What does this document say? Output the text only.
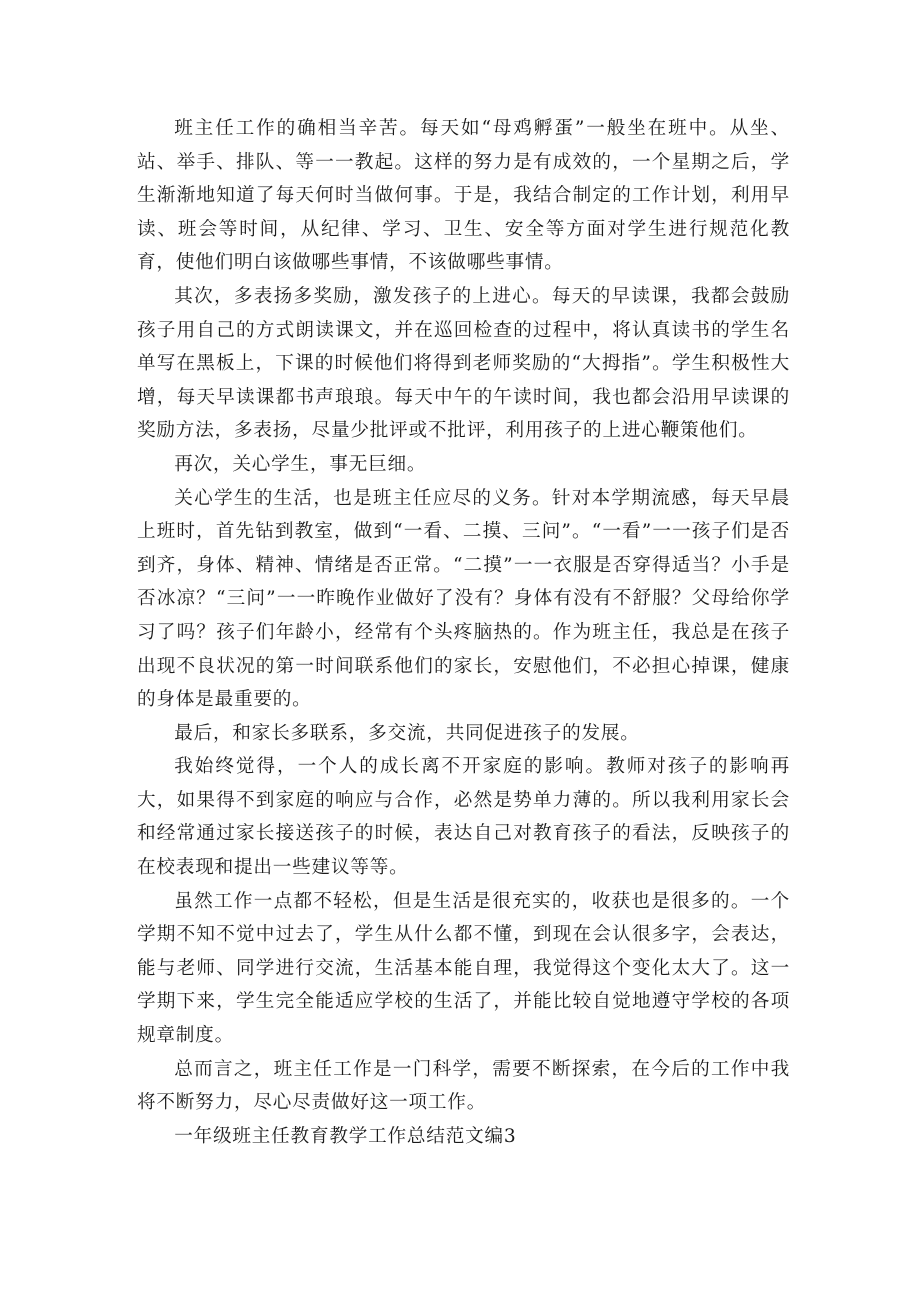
班主任工作的确相当辛苦。每天如“母鸡孵蛋”一般坐在班中。从坐、站、举手、排队、等一一教起。这样的努力是有成效的，一个星期之后，学生渐渐地知道了每天何时当做何事。于是，我结合制定的工作计划，利用早读、班会等时间，从纪律、学习、卫生、安全等方面对学生进行规范化教育，使他们明白该做哪些事情，不该做哪些事情。

其次，多表扬多奖励，激发孩子的上进心。每天的早读课，我都会鼓励孩子用自己的方式朗读课文，并在巡回检查的过程中，将认真读书的学生名单写在黑板上，下课的时候他们将得到老师奖励的“大拇指”。学生积极性大增，每天早读课都书声琅琅。每天中午的午读时间，我也都会沿用早读课的奖励方法，多表扬，尽量少批评或不批评，利用孩子的上进心鞭策他们。

再次，关心学生，事无巨细。

关心学生的生活，也是班主任应尽的义务。针对本学期流感，每天早晨上班时，首先钻到教室，做到“一看、二摸、三问”。“一看”一一孩子们是否到齐，身体、精神、情绪是否正常。“二摸”一一衣服是否穿得适当？小手是否冰凉？“三问”一一昨晚作业做好了没有？身体有没有不舒服？父母给你学习了吗？孩子们年龄小，经常有个头疼脑热的。作为班主任，我总是在孩子出现不良状况的第一时间联系他们的家长，安慰他们，不必担心掉课，健康的身体是最重要的。

最后，和家长多联系，多交流，共同促进孩子的发展。

我始终觉得，一个人的成长离不开家庭的影响。教师对孩子的影响再大，如果得不到家庭的响应与合作，必然是势单力薄的。所以我利用家长会和经常通过家长接送孩子的时候，表达自己对教育孩子的看法，反映孩子的在校表现和提出一些建议等等。

虽然工作一点都不轻松，但是生活是很充实的，收获也是很多的。一个学期不知不觉中过去了，学生从什么都不懂，到现在会认很多字，会表达，能与老师、同学进行交流，生活基本能自理，我觉得这个变化太大了。这一学期下来，学生完全能适应学校的生活了，并能比较自觉地遵守学校的各项规章制度。

总而言之，班主任工作是一门科学，需要不断探索，在今后的工作中我将不断努力，尽心尽责做好这一项工作。

一年级班主任教育教学工作总结范文编3
